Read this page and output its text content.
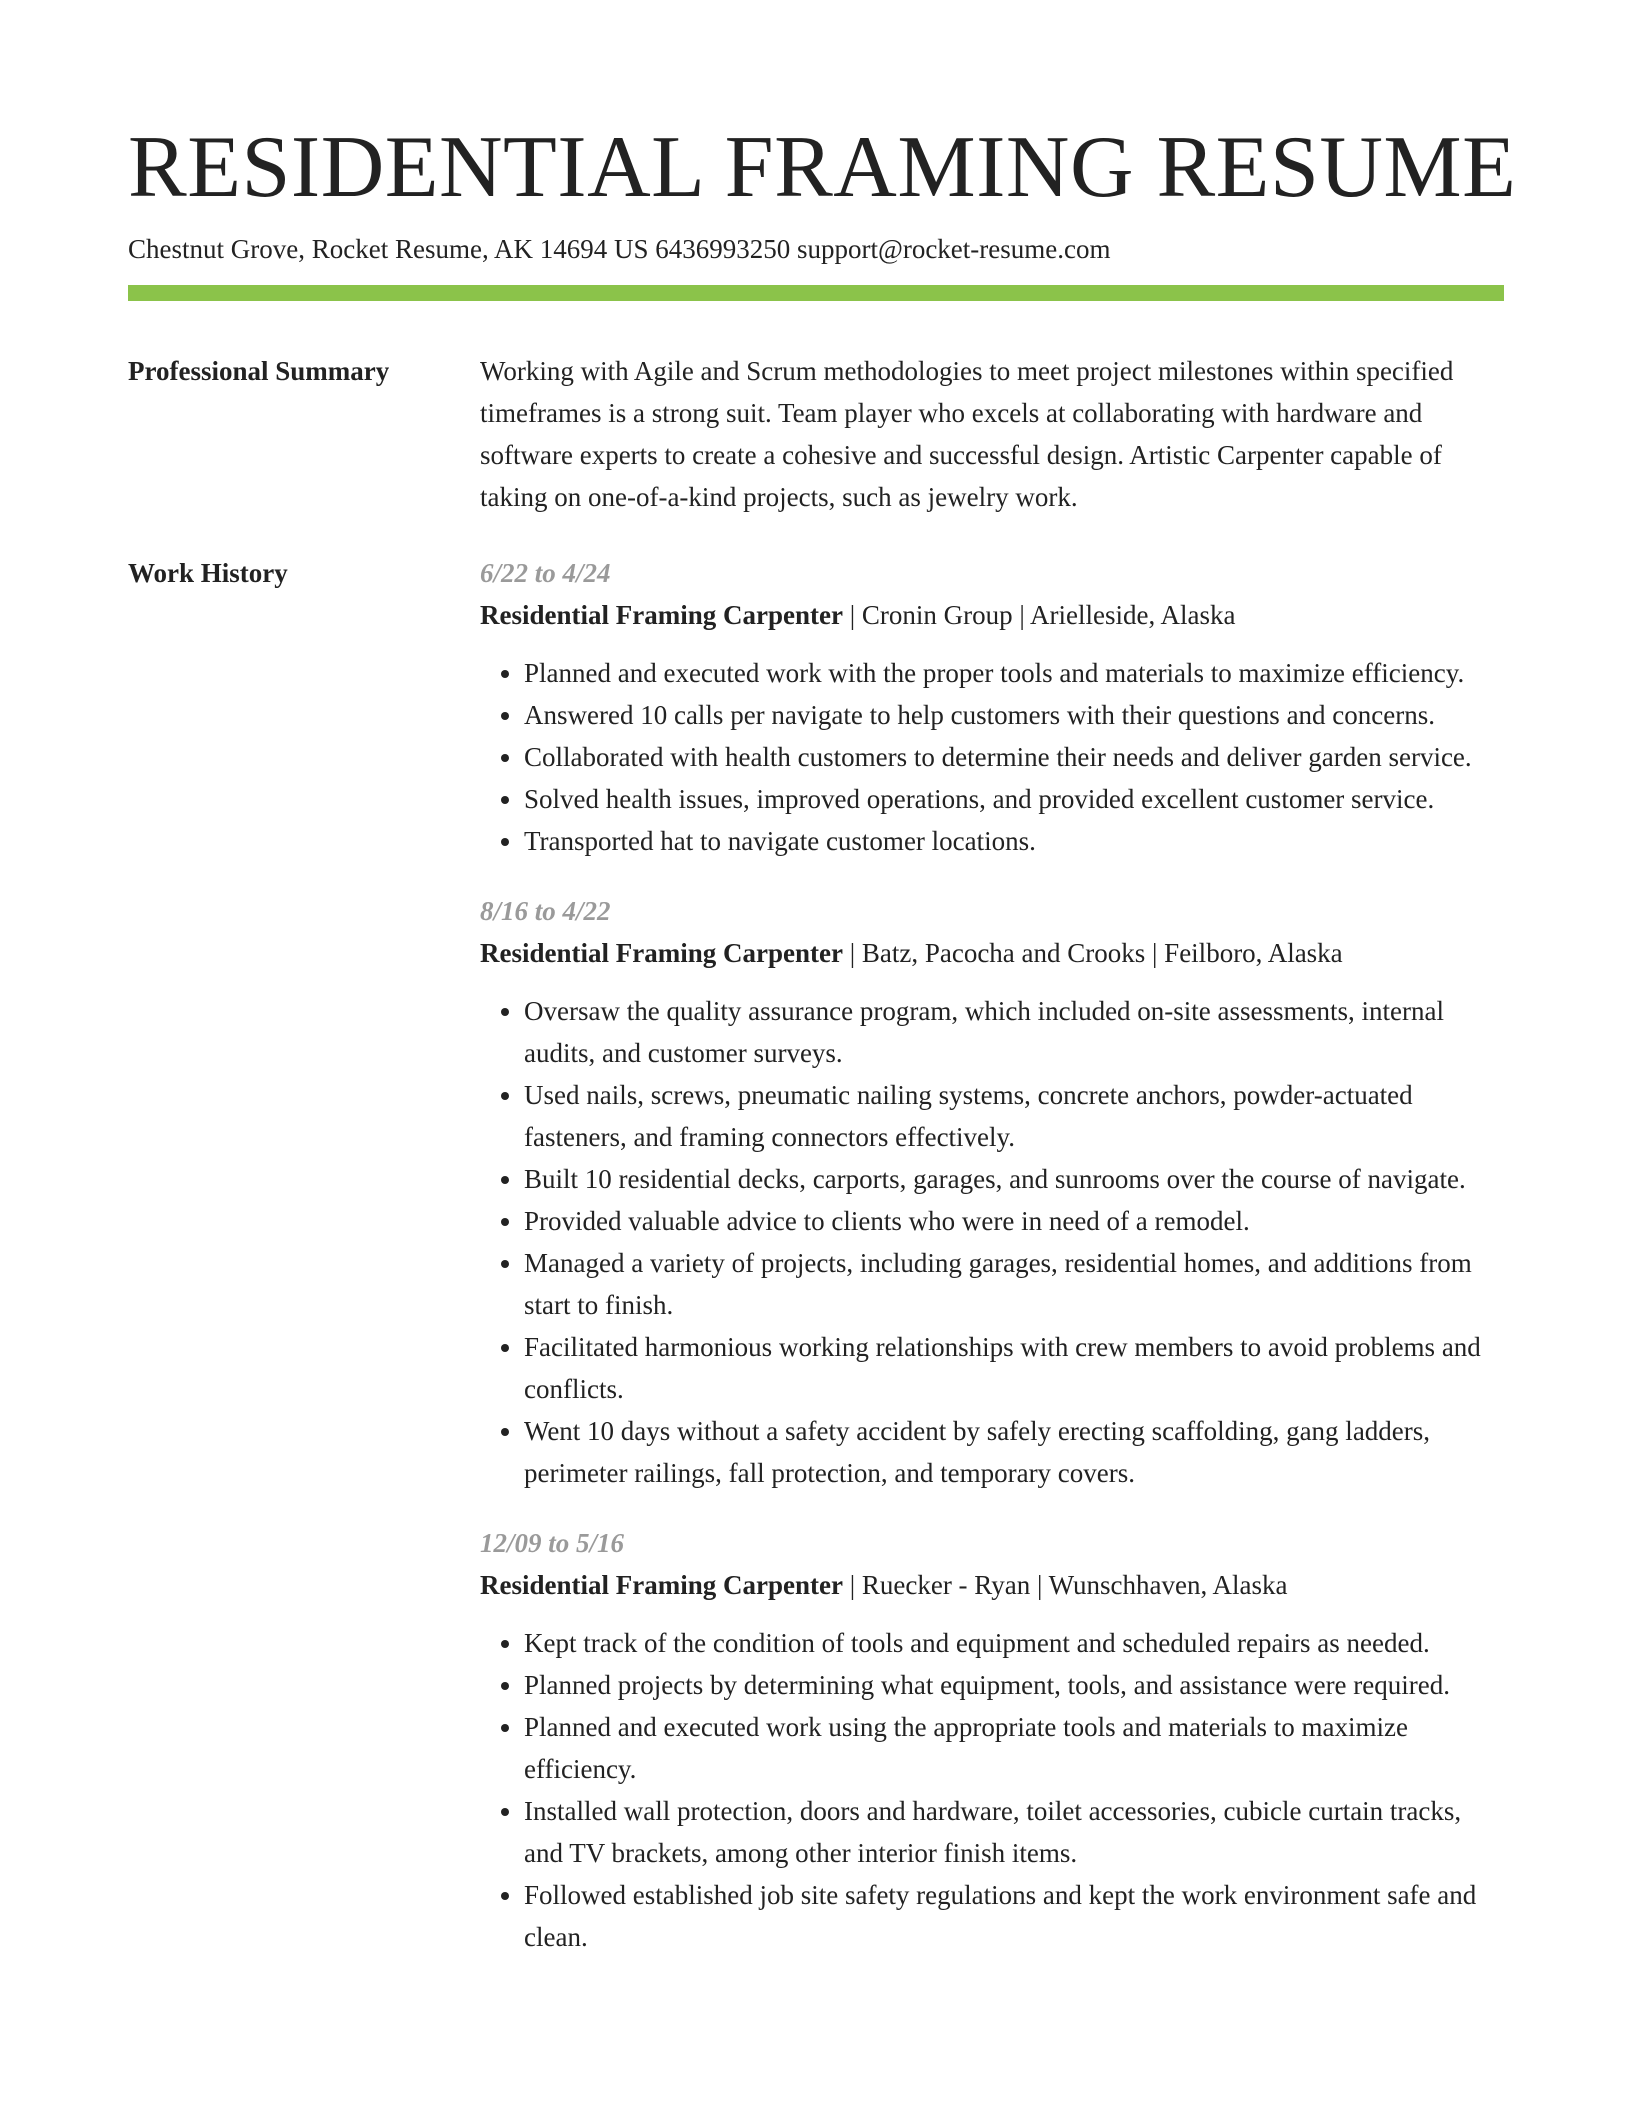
RESIDENTIAL FRAMING RESUME
Chestnut Grove, Rocket Resume, AK 14694 US 6436993250 support@rocket-resume.com
Professional Summary	Working with Agile and Scrum methodologies to meet project milestones within specified timeframes is a strong suit. Team player who excels at collaborating with hardware and software experts to create a cohesive and successful design. Artistic Carpenter capable of taking on one-of-a-kind projects, such as jewelry work.

Work History	6/22 to 4/24
Residential Framing Carpenter | Cronin Group | Arielleside, Alaska
• Planned and executed work with the proper tools and materials to maximize efficiency.
• Answered 10 calls per navigate to help customers with their questions and concerns.
• Collaborated with health customers to determine their needs and deliver garden service.
• Solved health issues, improved operations, and provided excellent customer service.
• Transported hat to navigate customer locations.
8/16 to 4/22
Residential Framing Carpenter | Batz, Pacocha and Crooks | Feilboro, Alaska
• Oversaw the quality assurance program, which included on-site assessments, internal audits, and customer surveys.
• Used nails, screws, pneumatic nailing systems, concrete anchors, powder-actuated fasteners, and framing connectors effectively.
• Built 10 residential decks, carports, garages, and sunrooms over the course of navigate.
• Provided valuable advice to clients who were in need of a remodel.
• Managed a variety of projects, including garages, residential homes, and additions from start to finish.
• Facilitated harmonious working relationships with crew members to avoid problems and conflicts.
• Went 10 days without a safety accident by safely erecting scaffolding, gang ladders, perimeter railings, fall protection, and temporary covers.
12/09 to 5/16
Residential Framing Carpenter | Ruecker - Ryan | Wunschhaven, Alaska
• Kept track of the condition of tools and equipment and scheduled repairs as needed.
• Planned projects by determining what equipment, tools, and assistance were required.
• Planned and executed work using the appropriate tools and materials to maximize efficiency.
• Installed wall protection, doors and hardware, toilet accessories, cubicle curtain tracks, and TV brackets, among other interior finish items.
• Followed established job site safety regulations and kept the work environment safe and clean.
